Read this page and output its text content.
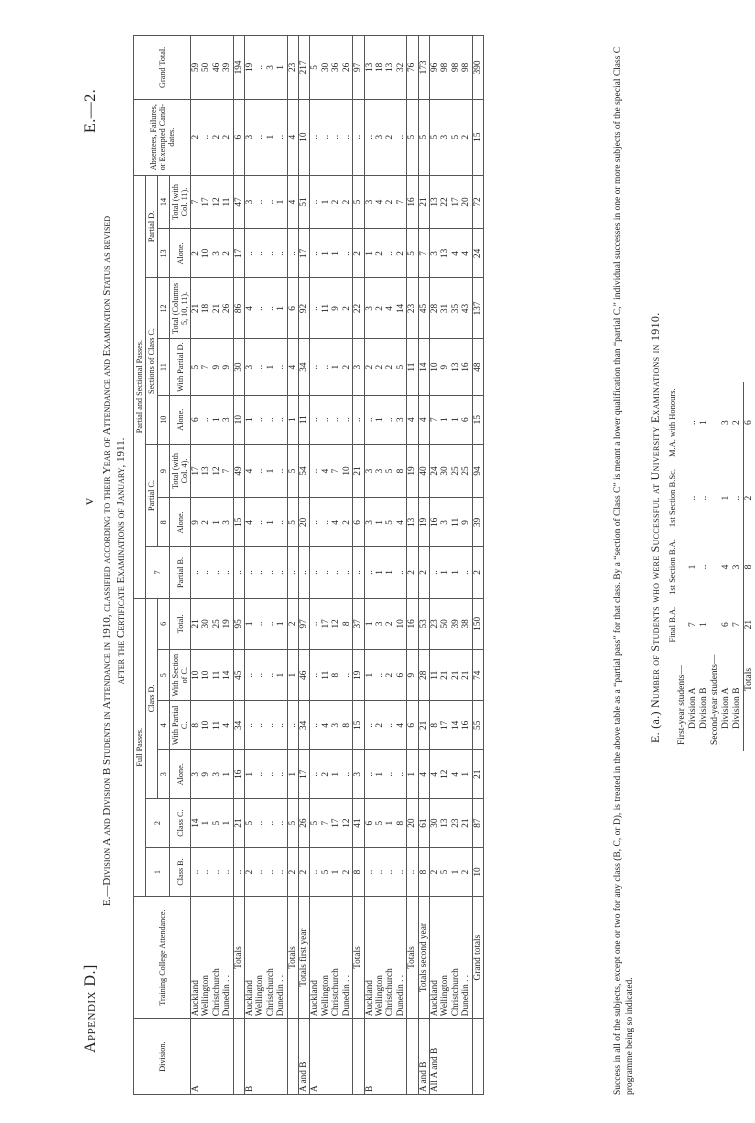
Appendix D.]
v
E.—2.
E.—Division A and Division B Students in Attendance in 1910, classified according to their Year of Attendance and Examination Status as revised after the Certificate Examinations of January, 1911.
Division.	Training College Attendance.	Full Passes.						Partial and Sectional Passes.								Absentees, Failures, or Exempted Candi-dates.	Grand Total.
		1	2	Class D.				7	Partial C.		Sections of Class C.			Partial D.			
				3	4	5	6		8	9	10	11	12	13	14		
		Class B.	Class C.	Alone.	With Partial C.	With Section of C.	Total.	Partial B.	Alone.	Total (with Col. 4).	Alone.	With Partial D.	Total (Columns 5, 10, 11).	Alone.	Total (with Col. 11).		
A	Auckland	..	14	3	8	10	21	..	9	17	6	5	21	2	7	2	59
	Wellington	..	1	9	10	10	30	..	2	13	..	7	18	10	17	..	50
	Christchurch	..	5	3	11	11	25	..	1	12	1	9	21	3	12	2	46
	Dunedin . .	..	1	1	4	14	19	..	3	7	3	9	26	2	11	2	39
	Totals	..	21	16	34	45	95	..	15	49	10	30	86	17	47	6	194
B	Auckland	2	5	1	..	..	1	..	4	4	1	3	4	..	3	3	19
	Wellington	..	..	..	..	..	..	..	..	..	..	..	..	..	..	..	..
	Christchurch	..	..	..	..	..	..	..	1	1	..	1	..	..	..	1	3
	Dunedin . .	..	..	..	..	1	1	..	..	..	..	..	1	..	1	..	1
	Totals	2	5	1	..	1	2	..	5	5	1	4	6	..	4	4	23
A and B	Totals first year	2	26	17	34	46	97	..	20	54	11	34	92	17	51	10	217
A	Auckland	..	5	..	..	..	..	..	..	..	..	..	..	..	..	..	5
	Wellington	5	7	2	4	11	17	..	..	4	..	..	11	1	1	..	30
	Christchurch	1	17	1	3	8	12	..	4	7	..	1	9	1	2	..	36
	Dunedin . .	2	12	..	8	..	8	..	2	10	..	2	2	..	2	..	26
	Totals	8	41	3	15	19	37	..	6	21	..	3	22	2	5	..	97
B	Auckland	..	6	..	..	1	1	..	3	3	..	2	3	1	3	..	13
	Wellington	..	5	1	2	..	3	1	1	3	1	2	2	2	4	3	18
	Christchurch	..	1	..	..	2	2	1	5	5	..	2	4	..	2	2	13
	Dunedin . .	..	8	..	4	6	10	..	4	8	3	5	14	2	7	..	32
	Totals	..	20	1	6	9	16	2	13	19	4	11	23	5	16	5	76
A and B	Totals second year	8	61	4	21	28	53	2	19	40	4	14	45	7	21	5	173
All A and B	Auckland	2	30	4	8	11	23	..	16	24	7	10	28	3	13	5	96
	Wellington	5	13	12	17	21	50	1	3	30	1	9	31	13	22	3	98
	Christchurch	1	23	4	14	21	39	1	11	25	1	13	35	4	17	5	98
	Dunedin . .	2	21	1	16	21	38	..	9	25	6	16	43	4	20	2	98
	Grand totals	10	87	21	55	74	150	2	39	94	15	48	137	24	72	15	390	Success in all of the subjects, except one or two for any class (B, C, or D), is treated in the above table as a “partial pass” for that class. By a “section of Class C” is meant a lower qualification than “partial C,” individual successes in one or more subjects of the special Class C programme being so indicated.
E. (a.) Number of Students who were Successful at University Examinations in 1910.
	Final B.A.	1st Section B.A.	1st Section B.Sc.	M.A. with Honours.
First-year students—				
Division A	7	1	..	..
Division B	1	..	..	1
Second-year students—				
Division A	6	4	1	3
Division B	7	3	..	2
Totals	21	8	2	6
